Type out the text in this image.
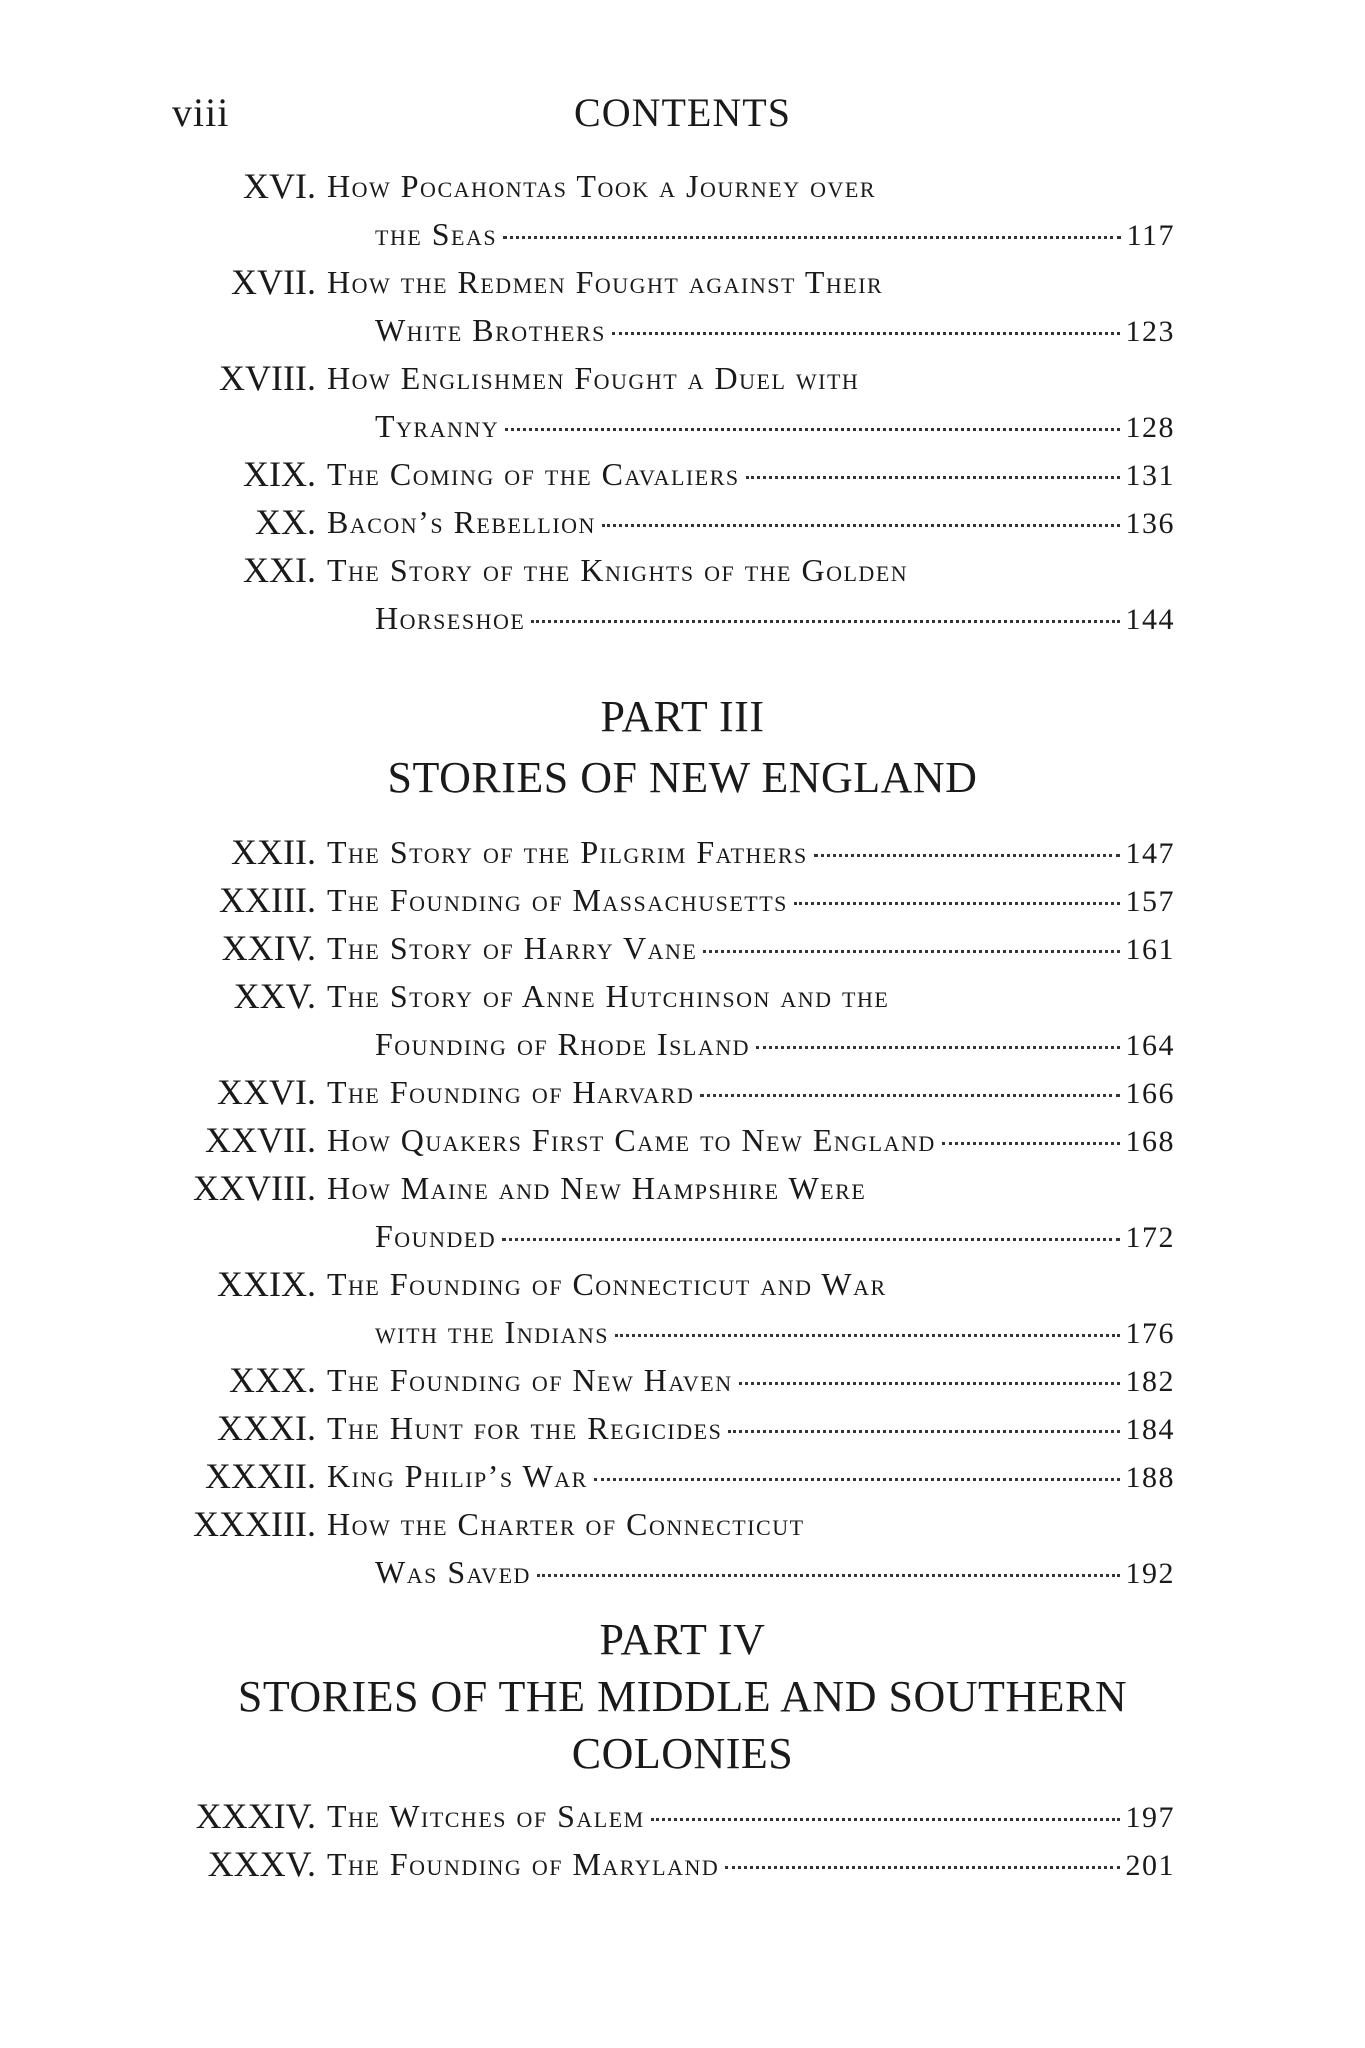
viii	CONTENTS
XVI. How Pocahontas Took a Journey over
the Seas	117
XVII. How the Redmen Fought against Their
White Brothers	123
XVIII. How Englishmen Fought a Duel with
Tyranny	128
XIX. The Coming of the Cavaliers	131
XX. Bacon’s Rebellion	136
XXI. The Story of the Knights of the Golden
Horseshoe	144
PART III
STORIES OF NEW ENGLAND
XXII. The Story of the Pilgrim Fathers	147
XXIII. The Founding of Massachusetts	157
XXIV. The Story of Harry Vane	161
XXV. The Story of Anne Hutchinson and the
Founding of Rhode Island	164
XXVI. The Founding of Harvard	166
XXVII. How Quakers First Came to New England	168
XXVIII. How Maine and New Hampshire Were
Founded	172
XXIX. The Founding of Connecticut and War
with the Indians	176
XXX. The Founding of New Haven	182
XXXI. The Hunt for the Regicides	184
XXXII. King Philip’s War	188
XXXIII. How the Charter of Connecticut
Was Saved	192
PART IV
STORIES OF THE MIDDLE AND SOUTHERN
COLONIES
XXXIV. The Witches of Salem	197
XXXV. The Founding of Maryland	201
